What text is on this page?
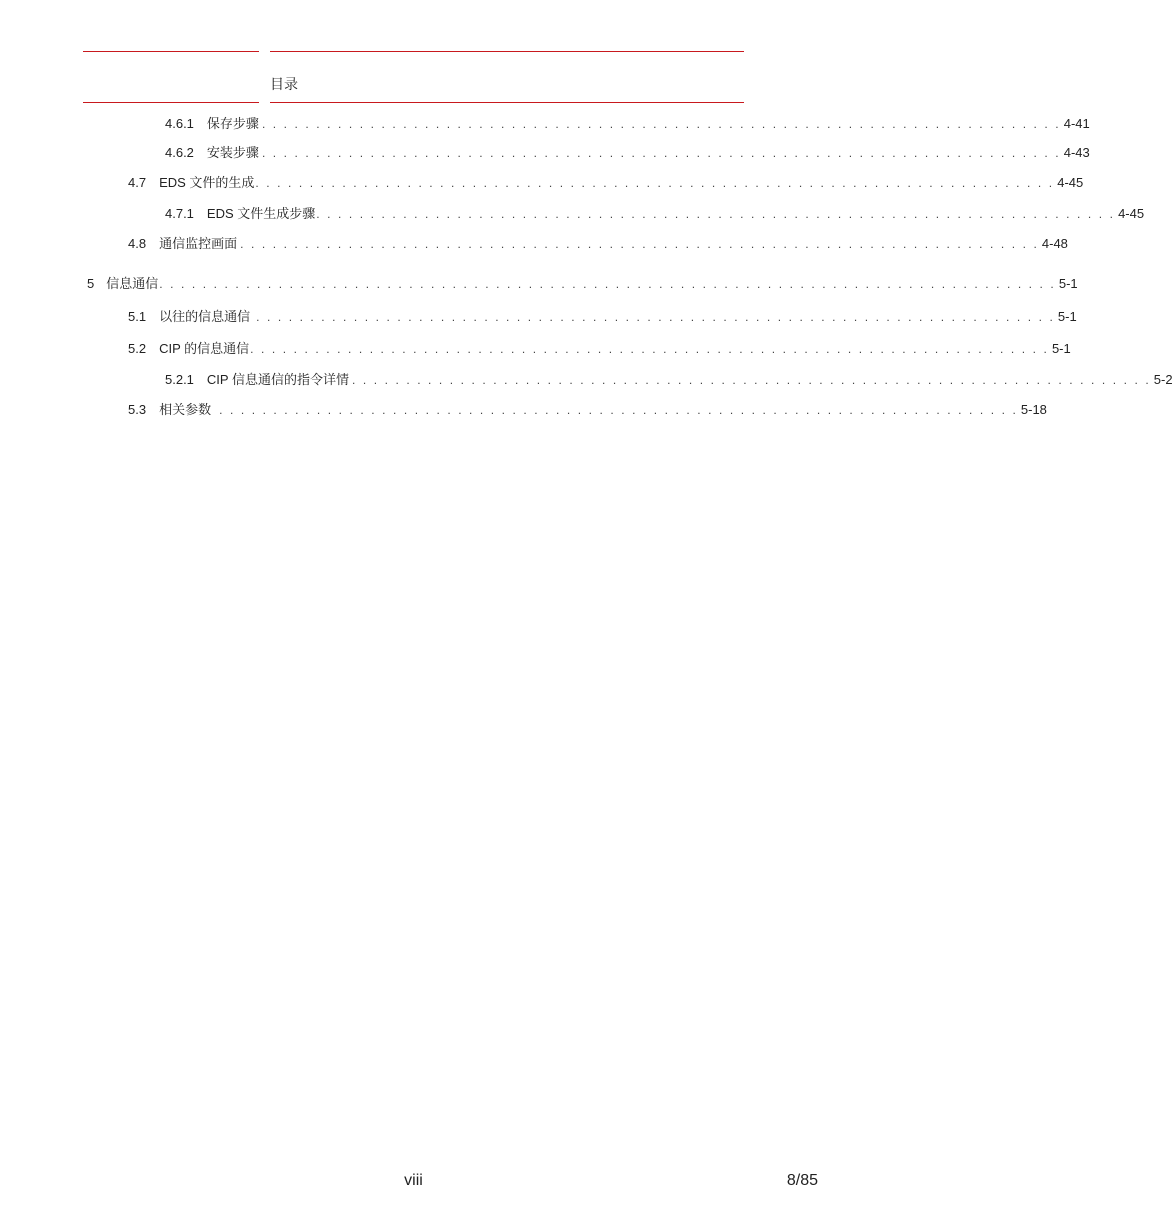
目录
4.6.1 保存步骤 . . . . . . . . . . . . . . . . . . . . . . . . . . . . . . . . . . . . . . . . . . . . . . . . . . . . . . . . . . . . . . . . . . . . . . . . . . 4-41
4.6.2 安装步骤 . . . . . . . . . . . . . . . . . . . . . . . . . . . . . . . . . . . . . . . . . . . . . . . . . . . . . . . . . . . . . . . . . . . . . . . . . . 4-43
4.7 EDS 文件的生成 . . . . . . . . . . . . . . . . . . . . . . . . . . . . . . . . . . . . . . . . . . . . . . . . . . . . . . . . . . . . . . . . . . . . . . . . . . 4-45
4.7.1 EDS 文件生成步骤 . . . . . . . . . . . . . . . . . . . . . . . . . . . . . . . . . . . . . . . . . . . . . . . . . . . . . . . . . . . . . . . . . . . . . . . . . . 4-45
4.8 通信监控画面 . . . . . . . . . . . . . . . . . . . . . . . . . . . . . . . . . . . . . . . . . . . . . . . . . . . . . . . . . . . . . . . . . . . . . . . . . . 4-48
5 信息通信 . . . . . . . . . . . . . . . . . . . . . . . . . . . . . . . . . . . . . . . . . . . . . . . . . . . . . . . . . . . . . . . . . . . . . . . . . . . . . . . . . . . 5-1
5.1 以往的信息通信 . . . . . . . . . . . . . . . . . . . . . . . . . . . . . . . . . . . . . . . . . . . . . . . . . . . . . . . . . . . . . . . . . . . . . . . . . . 5-1
5.2 CIP 的信息通信 . . . . . . . . . . . . . . . . . . . . . . . . . . . . . . . . . . . . . . . . . . . . . . . . . . . . . . . . . . . . . . . . . . . . . . . . . . 5-1
5.2.1 CIP 信息通信的指令详情 . . . . . . . . . . . . . . . . . . . . . . . . . . . . . . . . . . . . . . . . . . . . . . . . . . . . . . . . . . . . . . . . . . . . . . . . . . 5-2
5.3 相关参数 . . . . . . . . . . . . . . . . . . . . . . . . . . . . . . . . . . . . . . . . . . . . . . . . . . . . . . . . . . . . . . . . . . . . . . . . . . 5-18
viii	8/85
